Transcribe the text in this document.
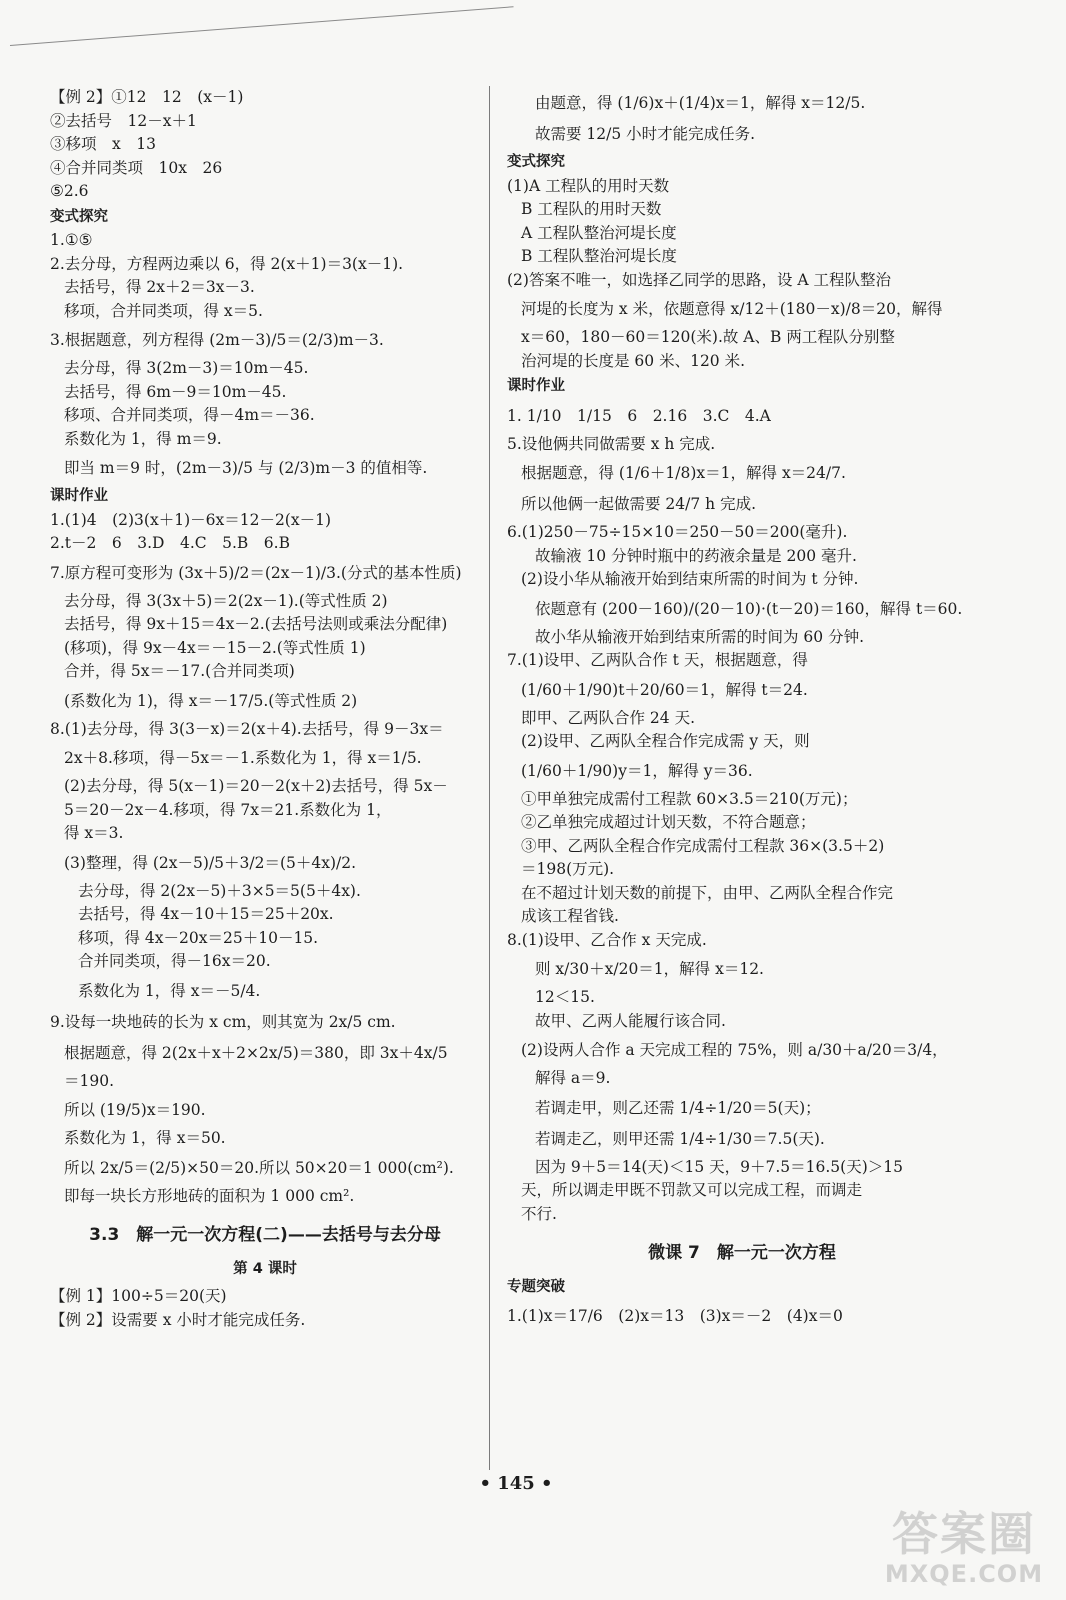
【例 2】①12　12　(x－1)
②去括号　12－x＋1
③移项　x　13
④合并同类项　10x　26
⑤2.6
变式探究
1.①⑤
2.去分母，方程两边乘以 6，得 2(x＋1)＝3(x－1).
去括号，得 2x＋2＝3x－3.
移项，合并同类项，得 x＝5.
3.根据题意，列方程得 (2m－3)/5＝(2/3)m－3.
去分母，得 3(2m－3)＝10m－45.
去括号，得 6m－9＝10m－45.
移项、合并同类项，得－4m＝－36.
系数化为 1，得 m＝9.
即当 m＝9 时，(2m－3)/5 与 (2/3)m－3 的值相等.
课时作业
1.(1)4　(2)3(x＋1)－6x＝12－2(x－1)
2.t－2　6　3.D　4.C　5.B　6.B
7.原方程可变形为 (3x＋5)/2＝(2x－1)/3.(分式的基本性质)
去分母，得 3(3x＋5)＝2(2x－1).(等式性质 2)
去括号，得 9x＋15＝4x－2.(去括号法则或乘法分配律)
(移项)，得 9x－4x＝－15－2.(等式性质 1)
合并，得 5x＝－17.(合并同类项)
(系数化为 1)，得 x＝－17/5.(等式性质 2)
8.(1)去分母，得 3(3－x)＝2(x＋4).去括号，得 9－3x＝
2x＋8.移项，得－5x＝－1.系数化为 1，得 x＝1/5.
(2)去分母，得 5(x－1)＝20－2(x＋2)去括号，得 5x－
5＝20－2x－4.移项，得 7x＝21.系数化为 1，
得 x＝3.
(3)整理，得 (2x－5)/5＋3/2＝(5＋4x)/2.
去分母，得 2(2x－5)＋3×5＝5(5＋4x).
去括号，得 4x－10＋15＝25＋20x.
移项，得 4x－20x＝25＋10－15.
合并同类项，得－16x＝20.
系数化为 1，得 x＝－5/4.
9.设每一块地砖的长为 x cm，则其宽为 2x/5 cm.
根据题意，得 2(2x＋x＋2×2x/5)＝380，即 3x＋4x/5
＝190.
所以 (19/5)x＝190.
系数化为 1，得 x＝50.
所以 2x/5＝(2/5)×50＝20.所以 50×20＝1 000(cm²).
即每一块长方形地砖的面积为 1 000 cm².
3.3　解一元一次方程(二)——去括号与去分母
第 4 课时
【例 1】100÷5＝20(天)
【例 2】设需要 x 小时才能完成任务.
由题意，得 (1/6)x＋(1/4)x＝1，解得 x＝12/5.
故需要 12/5 小时才能完成任务.
变式探究
(1)A 工程队的用时天数
B 工程队的用时天数
A 工程队整治河堤长度
B 工程队整治河堤长度
(2)答案不唯一，如选择乙同学的思路，设 A 工程队整治
河堤的长度为 x 米，依题意得 x/12＋(180－x)/8＝20，解得
x＝60，180－60＝120(米).故 A、B 两工程队分别整
治河堤的长度是 60 米、120 米.
课时作业
1. 1/10　1/15　6　2.16　3.C　4.A
5.设他俩共同做需要 x h 完成.
根据题意，得 (1/6＋1/8)x＝1，解得 x＝24/7.
所以他俩一起做需要 24/7 h 完成.
6.(1)250－75÷15×10＝250－50＝200(毫升).
故输液 10 分钟时瓶中的药液余量是 200 毫升.
(2)设小华从输液开始到结束所需的时间为 t 分钟.
依题意有 (200－160)/(20－10)·(t－20)＝160，解得 t＝60.
故小华从输液开始到结束所需的时间为 60 分钟.
7.(1)设甲、乙两队合作 t 天，根据题意，得
(1/60＋1/90)t＋20/60＝1，解得 t＝24.
即甲、乙两队合作 24 天.
(2)设甲、乙两队全程合作完成需 y 天，则
(1/60＋1/90)y＝1，解得 y＝36.
①甲单独完成需付工程款 60×3.5＝210(万元)；
②乙单独完成超过计划天数，不符合题意；
③甲、乙两队全程合作完成需付工程款 36×(3.5＋2)
＝198(万元).
在不超过计划天数的前提下，由甲、乙两队全程合作完
成该工程省钱.
8.(1)设甲、乙合作 x 天完成.
则 x/30＋x/20＝1，解得 x＝12.
12＜15.
故甲、乙两人能履行该合同.
(2)设两人合作 a 天完成工程的 75%，则 a/30＋a/20＝3/4，
解得 a＝9.
若调走甲，则乙还需 1/4÷1/20＝5(天)；
若调走乙，则甲还需 1/4÷1/30＝7.5(天).
因为 9＋5＝14(天)＜15 天，9＋7.5＝16.5(天)＞15
天，所以调走甲既不罚款又可以完成工程，而调走
不行.
微课 7　解一元一次方程
专题突破
1.(1)x＝17/6　(2)x＝13　(3)x＝－2　(4)x＝0
• 145 •
答案圈
MXQE.COM
